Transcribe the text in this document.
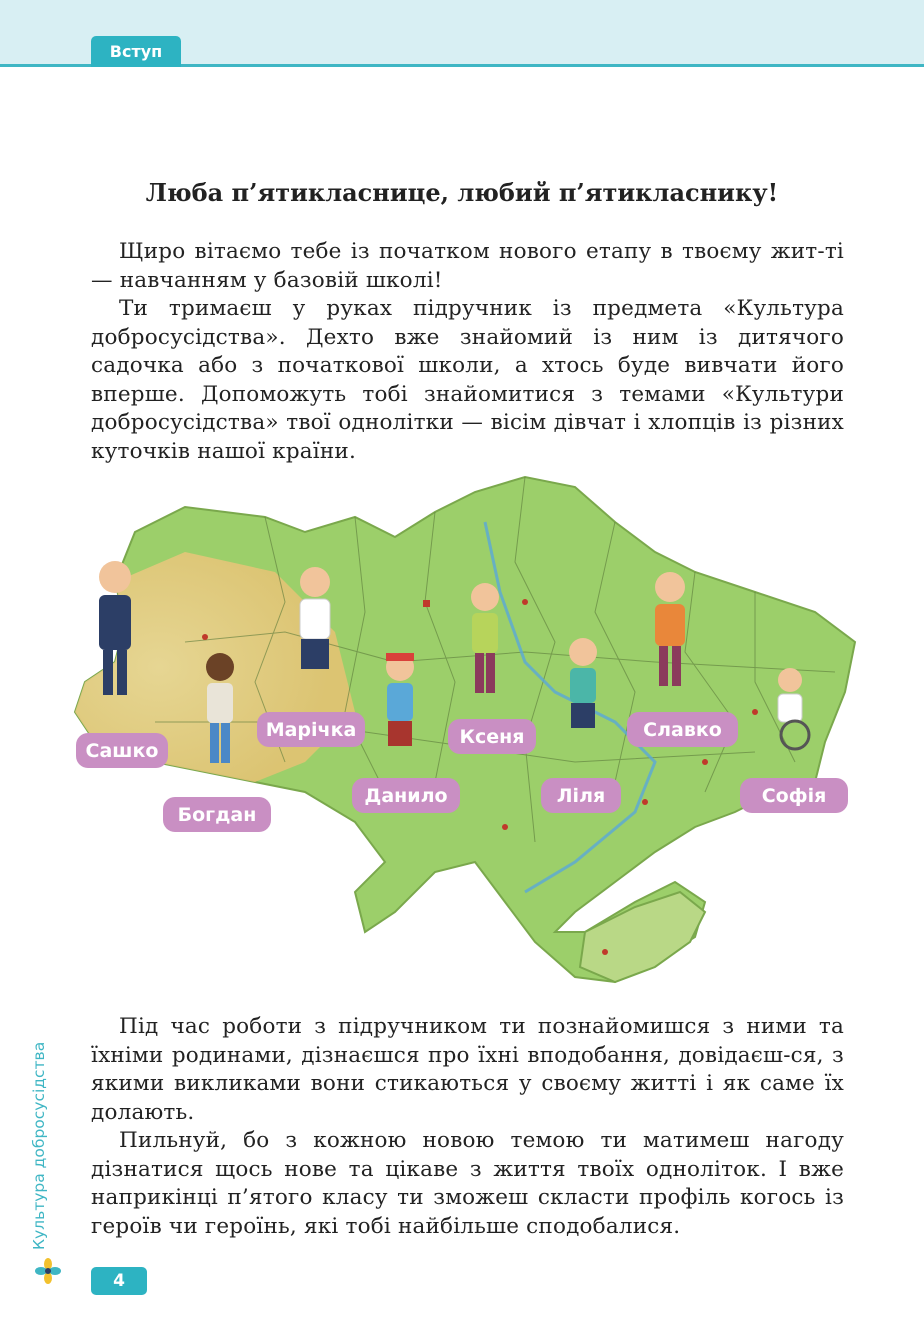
Вступ
Люба п’ятикласнице, любий п’ятикласнику!

Щиро вітаємо тебе із початком нового етапу в твоєму жит-ті — навчанням у базовій школі!

Ти тримаєш у руках підручник із предмета «Культура добросусідства». Дехто вже знайомий із ним із дитячого садочка або з початкової школи, а хтось буде вивчати його вперше. Допоможуть тобі знайомитися з темами «Культури добросусідства» твої однолітки — вісім дівчат і хлопців із різних куточків нашої країни.

Сашко
Богдан
Марічка
Данило
Ксеня
Ліля
Славко
Софія

Під час роботи з підручником ти познайомишся з ними та їхніми родинами, дізнаєшся про їхні вподобання, довідаєш-ся, з якими викликами вони стикаються у своєму житті і як саме їх долають.

Пильнуй, бо з кожною новою темою ти матимеш нагоду дізнатися щось нове та цікаве з життя твоїх одноліток. І вже наприкінці п’ятого класу ти зможеш скласти профіль когось із героїв чи героїнь, які тобі найбільше сподобалися.

Культура добросусідства
4
